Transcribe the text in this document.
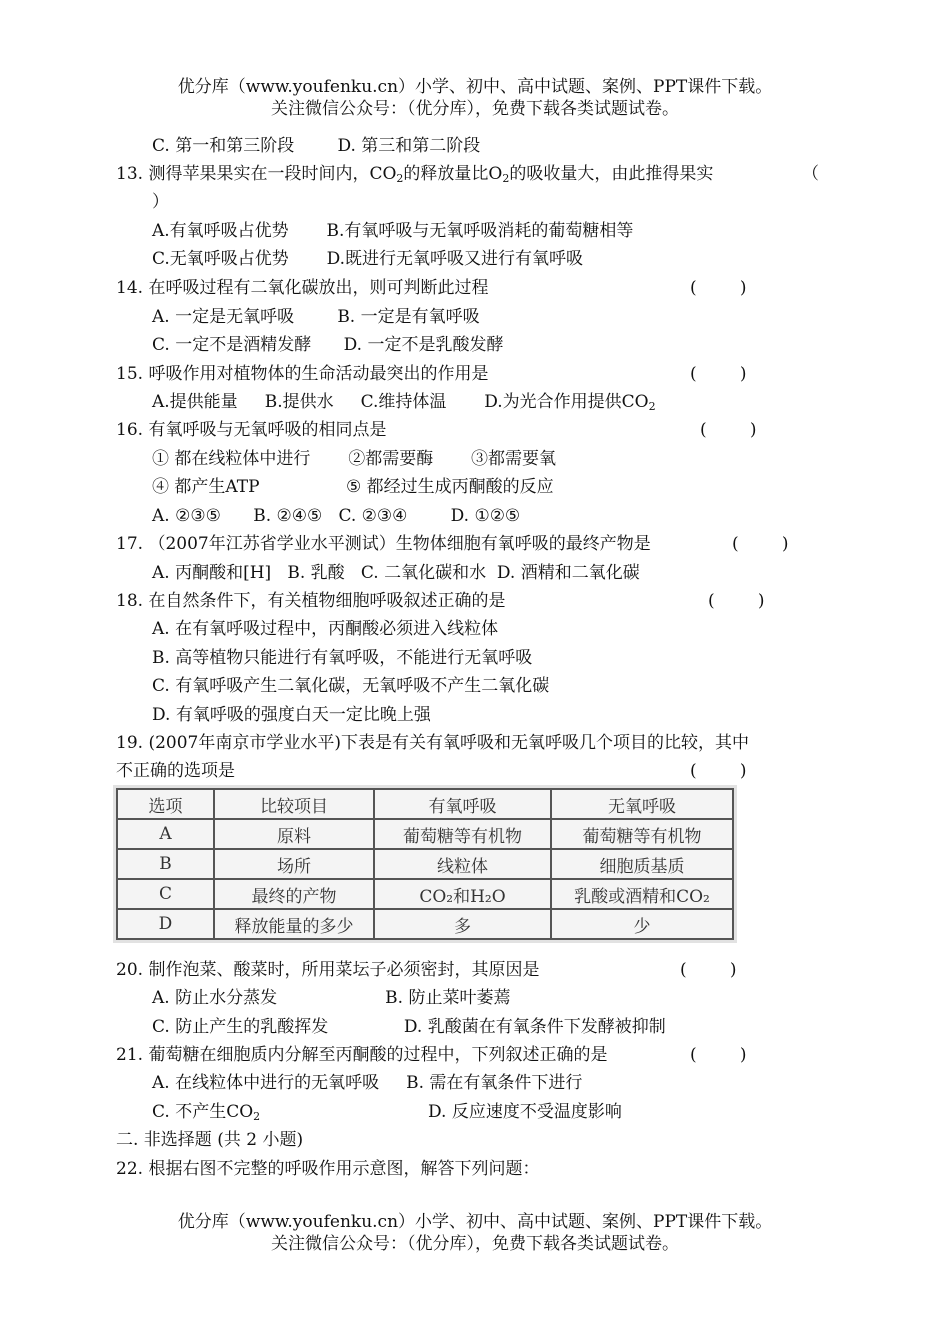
优分库（www.youfenku.cn）小学、初中、高中试题、案例、PPT课件下载。
关注微信公众号：（优分库），免费下载各类试题试卷。
C. 第一和第三阶段        D. 第三和第二阶段
13. 测得苹果果实在一段时间内，$CO_2$的释放量比$O_2$的吸收量大，由此推得果实	（
）
A.有氧呼吸占优势       B.有氧呼吸与无氧呼吸消耗的葡萄糖相等
C.无氧呼吸占优势       D.既进行无氧呼吸又进行有氧呼吸
14. 在呼吸过程有二氧化碳放出，则可判断此过程	(        )
A. 一定是无氧呼吸        B. 一定是有氧呼吸
C. 一定不是酒精发酵      D. 一定不是乳酸发酵
15. 呼吸作用对植物体的生命活动最突出的作用是	(        )
A.提供能量     B.提供水     C.维持体温       D.为光合作用提供$CO_2$
16. 有氧呼吸与无氧呼吸的相同点是	(        )
① 都在线粒体中进行       ②都需要酶       ③都需要氧
④ 都产生ATP                ⑤ 都经过生成丙酮酸的反应
A. ②③⑤      B. ②④⑤   C. ②③④        D. ①②⑤
17. （2007年江苏省学业水平测试）生物体细胞有氧呼吸的最终产物是	(        )
A. 丙酮酸和[H]   B. 乳酸   C. 二氧化碳和水  D. 酒精和二氧化碳
18. 在自然条件下，有关植物细胞呼吸叙述正确的是	(        )
A. 在有氧呼吸过程中，丙酮酸必须进入线粒体
B. 高等植物只能进行有氧呼吸，不能进行无氧呼吸
C. 有氧呼吸产生二氧化碳，无氧呼吸不产生二氧化碳
D. 有氧呼吸的强度白天一定比晚上强
19. (2007年南京市学业水平)下表是有关有氧呼吸和无氧呼吸几个项目的比较，其中
不正确的选项是	(        )
选项	比较项目	有氧呼吸	无氧呼吸
A	原料	葡萄糖等有机物	葡萄糖等有机物
B	场所	线粒体	细胞质基质
C	最终的产物	CO₂和H₂O	乳酸或酒精和CO₂
D	释放能量的多少	多	少
20. 制作泡菜、酸菜时，所用菜坛子必须密封，其原因是	(        )
A. 防止水分蒸发                    B. 防止菜叶萎蔫
C. 防止产生的乳酸挥发              D. 乳酸菌在有氧条件下发酵被抑制
21. 葡萄糖在细胞质内分解至丙酮酸的过程中，下列叙述正确的是	(        )
A. 在线粒体中进行的无氧呼吸     B. 需在有氧条件下进行
C. 不产生$CO_2$	D. 反应速度不受温度影响
二. 非选择题 (共 2 小题)
22. 根据右图不完整的呼吸作用示意图，解答下列问题：
优分库（www.youfenku.cn）小学、初中、高中试题、案例、PPT课件下载。
关注微信公众号：（优分库），免费下载各类试题试卷。
